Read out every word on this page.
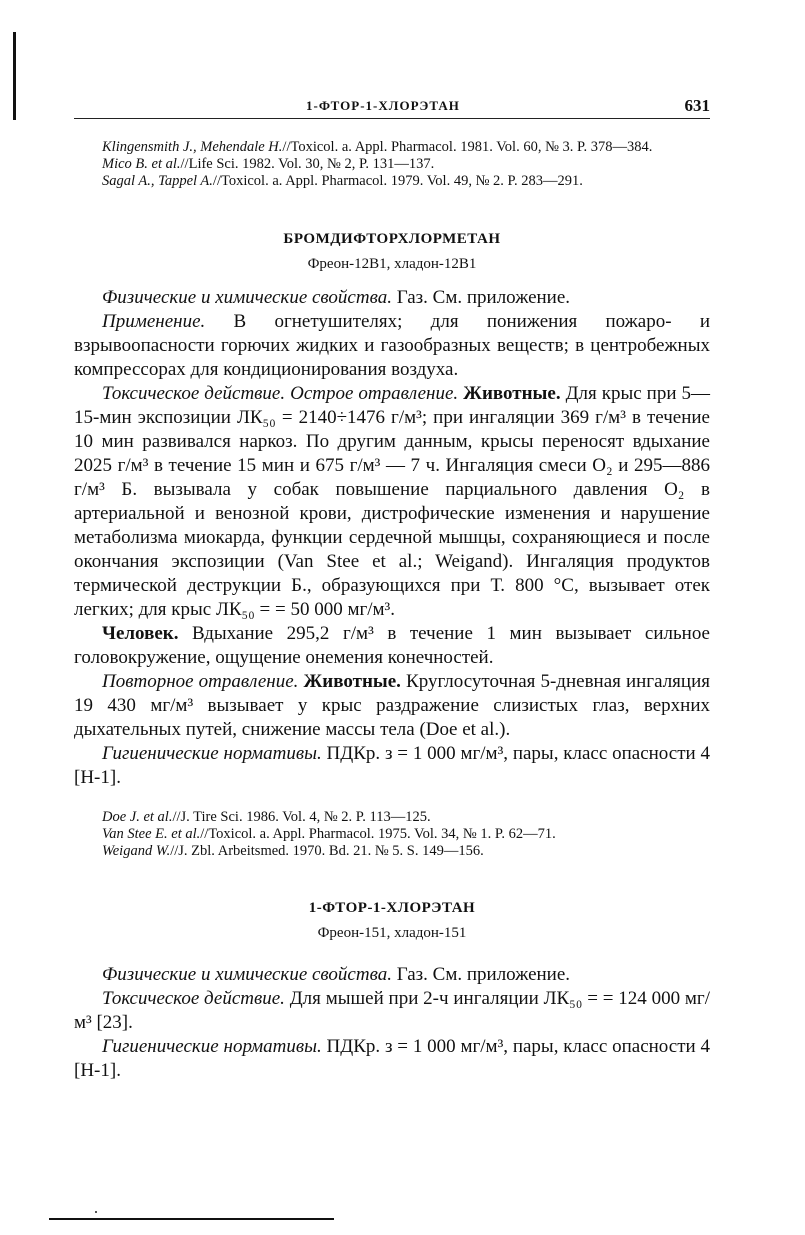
1-ФТОР-1-ХЛОРЭТАН	631

Klingensmith J., Mehendale H.//Toxicol. a. Appl. Pharmacol. 1981. Vol. 60, № 3. P. 378—384.

Mico B. et al.//Life Sci. 1982. Vol. 30, № 2, P. 131—137.

Sagal A., Tappel A.//Toxicol. a. Appl. Pharmacol. 1979. Vol. 49, № 2. P. 283—291.

БРОМДИФТОРХЛОРМЕТАН

Фреон-12В1, хладон-12В1

Физические и химические свойства. Газ. См. приложение.

Применение. В огнетушителях; для понижения пожаро- и взрывоопасности горючих жидких и газообразных веществ; в центробежных компрессорах для кондиционирования воздуха.

Токсическое действие. Острое отравление. Животные. Для крыс при 5—15-мин экспозиции ЛК₅₀ = 2140÷1476 г/м³; при ингаляции 369 г/м³ в течение 10 мин развивался наркоз. По другим данным, крысы переносят вдыхание 2025 г/м³ в течение 15 мин и 675 г/м³ — 7 ч. Ингаляция смеси O₂ и 295—886 г/м³ Б. вызывала у собак повышение парциального давления O₂ в артериальной и венозной крови, дистрофические изменения и нарушение метаболизма миокарда, функции сердечной мышцы, сохраняющиеся и после окончания экспозиции (Van Stee et al.; Weigand). Ингаляция продуктов термической деструкции Б., образующихся при Т. 800 °С, вызывает отек легких; для крыс ЛК₅₀ = = 50 000 мг/м³.

Человек. Вдыхание 295,2 г/м³ в течение 1 мин вызывает сильное головокружение, ощущение онемения конечностей.

Повторное отравление. Животные. Круглосуточная 5-дневная ингаляция 19 430 мг/м³ вызывает у крыс раздражение слизистых глаз, верхних дыхательных путей, снижение массы тела (Doe et al.).

Гигиенические нормативы. ПДКр. з = 1 000 мг/м³, пары, класс опасности 4 [Н-1].

Doe J. et al.//J. Tire Sci. 1986. Vol. 4, № 2. P. 113—125.

Van Stee E. et al.//Toxicol. a. Appl. Pharmacol. 1975. Vol. 34, № 1. P. 62—71.

Weigand W.//J. Zbl. Arbeitsmed. 1970. Bd. 21. № 5. S. 149—156.

1-ФТОР-1-ХЛОРЭТАН

Фреон-151, хладон-151

Физические и химические свойства. Газ. См. приложение.

Токсическое действие. Для мышей при 2-ч ингаляции ЛК₅₀ = = 124 000 мг/м³ [23].

Гигиенические нормативы. ПДКр. з = 1 000 мг/м³, пары, класс опасности 4 [Н-1].
